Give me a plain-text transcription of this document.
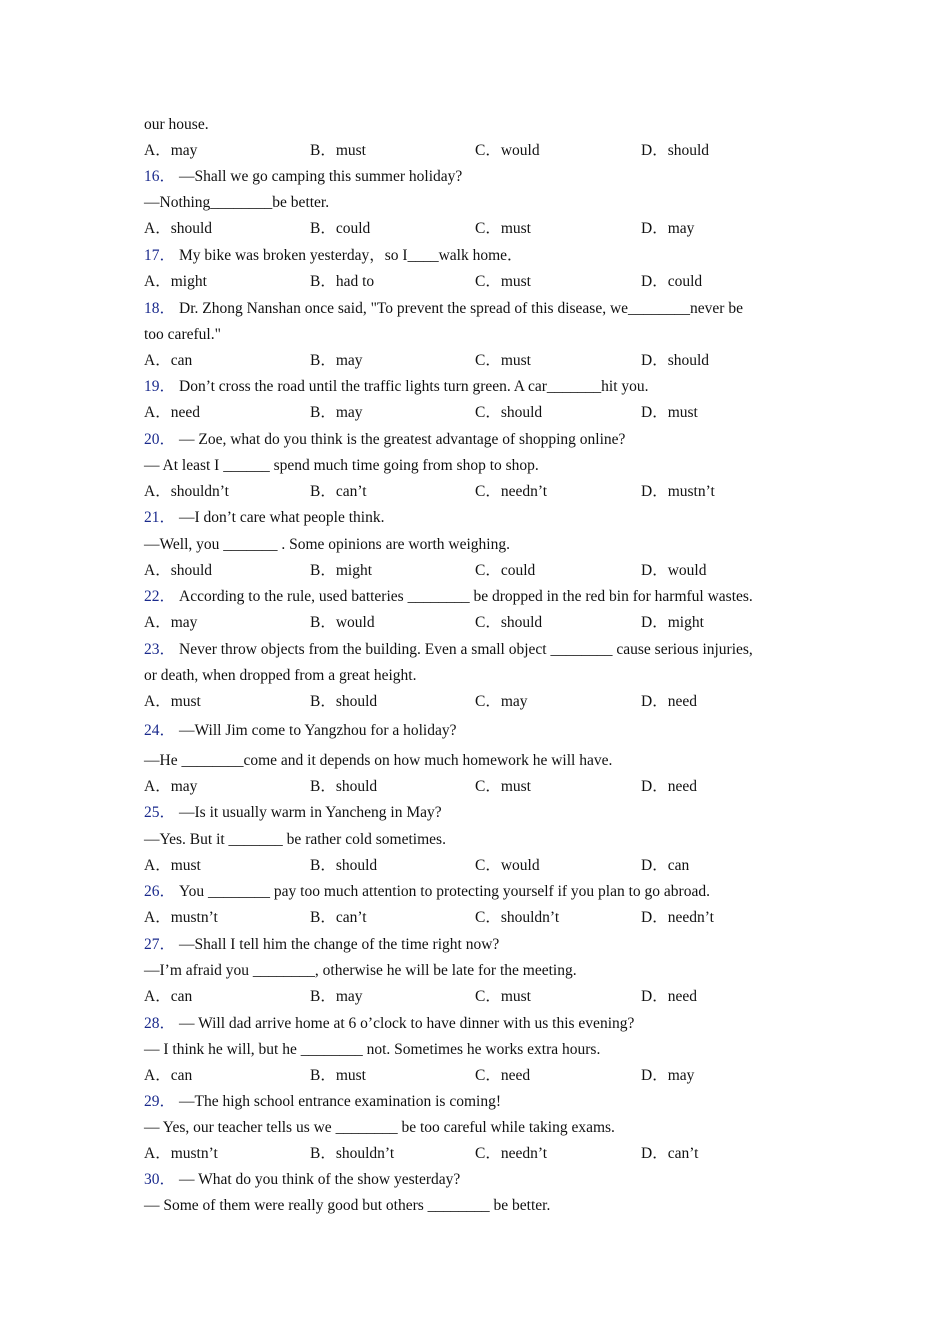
our house.
A．may	B．must	C．would	D．should
16． —Shall we go camping this summer holiday?
—Nothing________be better.
A．should	B．could	C．must	D．may
17． My bike was broken yesterday，so I____walk home．
A．might	B．had to	C．must	D．could
18． Dr. Zhong Nanshan once said, "To prevent the spread of this disease, we________never be
too careful."
A．can	B．may	C．must	D．should
19． Don’t cross the road until the traffic lights turn green. A car_______hit you.
A．need	B．may	C．should	D．must
20． — Zoe, what do you think is the greatest advantage of shopping online?
— At least I ______ spend much time going from shop to shop.
A．shouldn’t	B．can’t	C．needn’t	D．mustn’t
21． —I don’t care what people think.
—Well, you _______ . Some opinions are worth weighing.
A．should	B．might	C．could	D．would
22． According to the rule, used batteries ________ be dropped in the red bin for harmful wastes.
A．may	B．would	C．should	D．might
23． Never throw objects from the building. Even a small object ________ cause serious injuries,
or death, when dropped from a great height.
A．must	B．should	C．may	D．need
24． —Will Jim come to Yangzhou for a holiday?
—He ________come and it depends on how much homework he will have.
A．may	B．should	C．must	D．need
25． —Is it usually warm in Yancheng in May?
—Yes. But it _______ be rather cold sometimes.
A．must	B．should	C．would	D．can
26． You ________ pay too much attention to protecting yourself if you plan to go abroad.
A．mustn’t	B．can’t	C．shouldn’t	D．needn’t
27． —Shall I tell him the change of the time right now?
—I’m afraid you ________, otherwise he will be late for the meeting.
A．can	B．may	C．must	D．need
28． — Will dad arrive home at 6 o’clock to have dinner with us this evening?
— I think he will, but he ________ not. Sometimes he works extra hours.
A．can	B．must	C．need	D．may
29． —The high school entrance examination is coming!
— Yes, our teacher tells us we ________ be too careful while taking exams.
A．mustn’t	B．shouldn’t	C．needn’t	D．can’t
30． — What do you think of the show yesterday?
— Some of them were really good but others ________ be better.
